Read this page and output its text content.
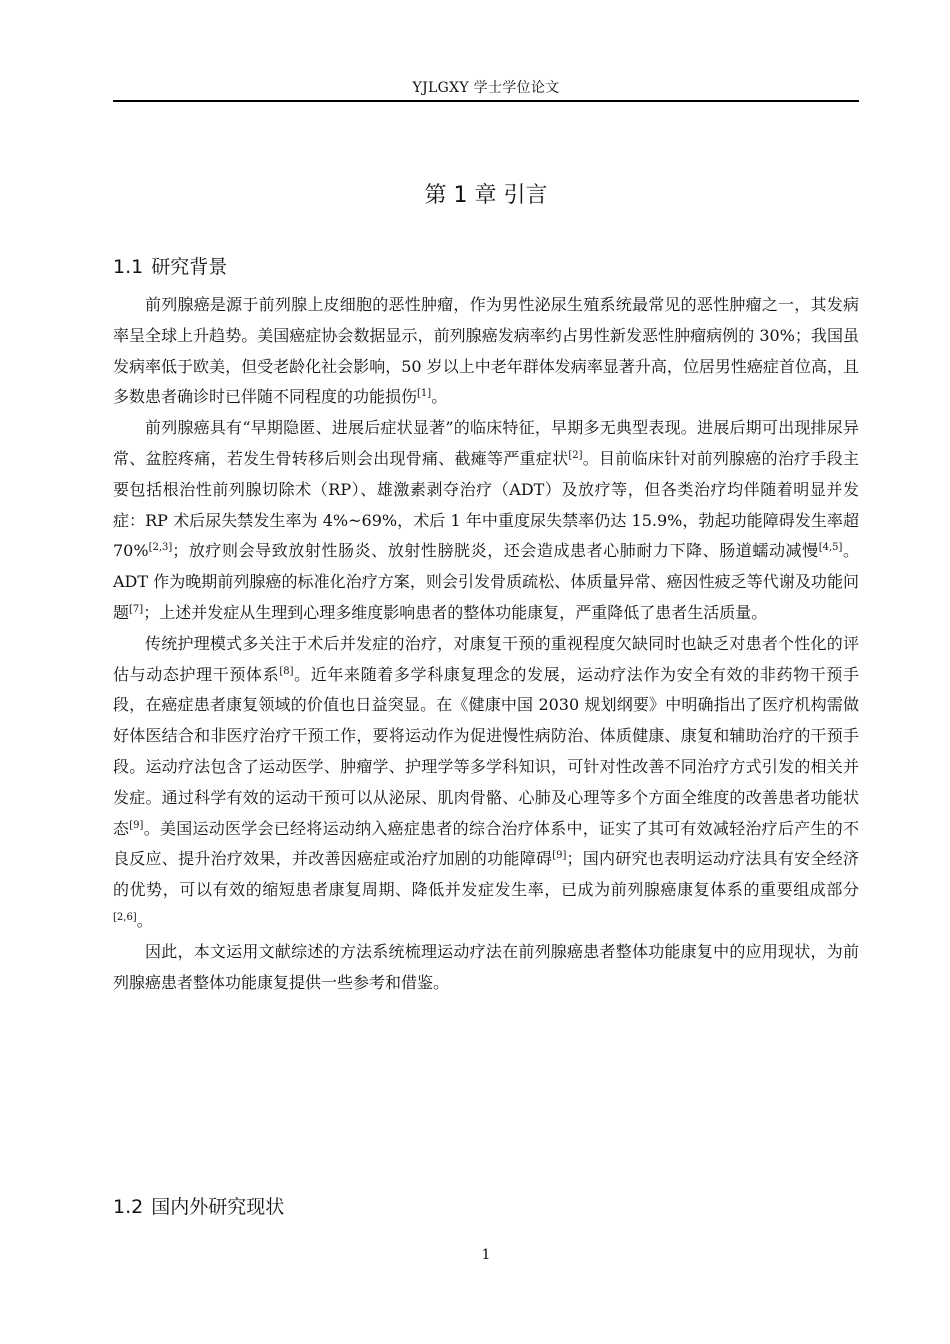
YJLGXY 学士学位论文
第 1 章 引言
1.1 研究背景

前列腺癌是源于前列腺上皮细胞的恶性肿瘤，作为男性泌尿生殖系统最常见的恶性肿瘤之一，其发病率呈全球上升趋势。美国癌症协会数据显示，前列腺癌发病率约占男性新发恶性肿瘤病例的 30%；我国虽发病率低于欧美，但受老龄化社会影响，50 岁以上中老年群体发病率显著升高，位居男性癌症首位高，且多数患者确诊时已伴随不同程度的功能损伤[1]。

前列腺癌具有“早期隐匿、进展后症状显著”的临床特征，早期多无典型表现。进展后期可出现排尿异常、盆腔疼痛，若发生骨转移后则会出现骨痛、截瘫等严重症状[2]。目前临床针对前列腺癌的治疗手段主要包括根治性前列腺切除术（RP）、雄激素剥夺治疗（ADT）及放疗等，但各类治疗均伴随着明显并发症：RP 术后尿失禁发生率为 4%~69%，术后 1 年中重度尿失禁率仍达 15.9%，勃起功能障碍发生率超 70%[2,3]；放疗则会导致放射性肠炎、放射性膀胱炎，还会造成患者心肺耐力下降、肠道蠕动减慢[4,5]。ADT 作为晚期前列腺癌的标准化治疗方案，则会引发骨质疏松、体质量异常、癌因性疲乏等代谢及功能问题[7]；上述并发症从生理到心理多维度影响患者的整体功能康复，严重降低了患者生活质量。

传统护理模式多关注于术后并发症的治疗，对康复干预的重视程度欠缺同时也缺乏对患者个性化的评估与动态护理干预体系[8]。近年来随着多学科康复理念的发展，运动疗法作为安全有效的非药物干预手段，在癌症患者康复领域的价值也日益突显。在《健康中国 2030 规划纲要》中明确指出了医疗机构需做好体医结合和非医疗治疗干预工作，要将运动作为促进慢性病防治、体质健康、康复和辅助治疗的干预手段。运动疗法包含了运动医学、肿瘤学、护理学等多学科知识，可针对性改善不同治疗方式引发的相关并发症。通过科学有效的运动干预可以从泌尿、肌肉骨骼、心肺及心理等多个方面全维度的改善患者功能状态[9]。美国运动医学会已经将运动纳入癌症患者的综合治疗体系中，证实了其可有效减轻治疗后产生的不良反应、提升治疗效果，并改善因癌症或治疗加剧的功能障碍[9]；国内研究也表明运动疗法具有安全经济的优势，可以有效的缩短患者康复周期、降低并发症发生率，已成为前列腺癌康复体系的重要组成部分[2,6]。

因此，本文运用文献综述的方法系统梳理运动疗法在前列腺癌患者整体功能康复中的应用现状，为前列腺癌患者整体功能康复提供一些参考和借鉴。

1.2 国内外研究现状
1
